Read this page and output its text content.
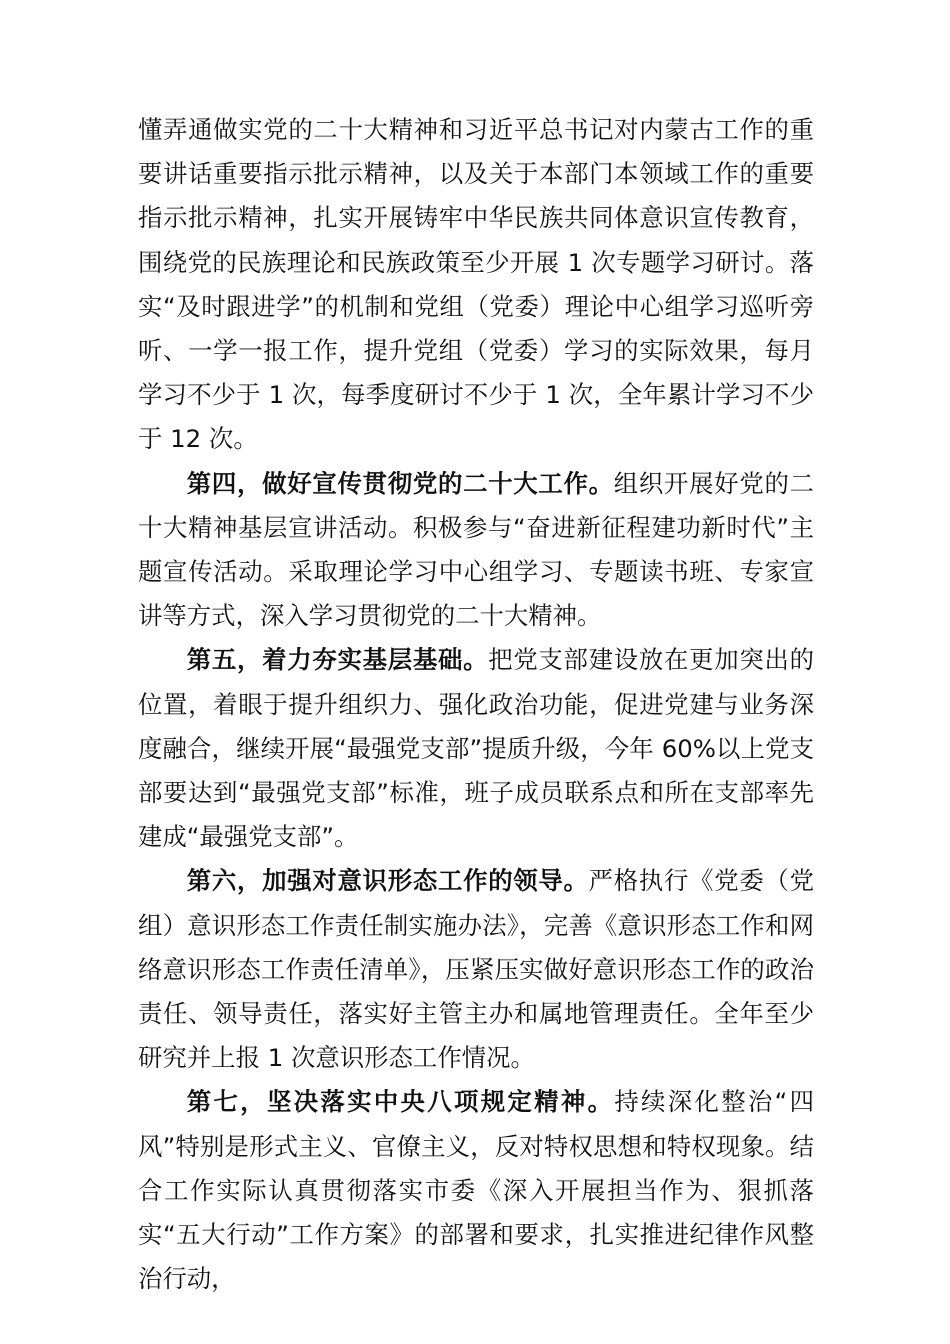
懂弄通做实党的二十大精神和习近平总书记对内蒙古工作的重要讲话重要指示批示精神，以及关于本部门本领域工作的重要指示批示精神，扎实开展铸牢中华民族共同体意识宣传教育，围绕党的民族理论和民族政策至少开展 1 次专题学习研讨。落实“及时跟进学”的机制和党组（党委）理论中心组学习巡听旁听、一学一报工作，提升党组（党委）学习的实际效果，每月学习不少于 1 次，每季度研讨不少于 1 次，全年累计学习不少于 12 次。

第四，做好宣传贯彻党的二十大工作。组织开展好党的二十大精神基层宣讲活动。积极参与“奋进新征程建功新时代”主题宣传活动。采取理论学习中心组学习、专题读书班、专家宣讲等方式，深入学习贯彻党的二十大精神。

第五，着力夯实基层基础。把党支部建设放在更加突出的位置，着眼于提升组织力、强化政治功能，促进党建与业务深度融合，继续开展“最强党支部”提质升级，今年 60%以上党支部要达到“最强党支部”标准，班子成员联系点和所在支部率先建成“最强党支部”。

第六，加强对意识形态工作的领导。严格执行《党委（党组）意识形态工作责任制实施办法》，完善《意识形态工作和网络意识形态工作责任清单》，压紧压实做好意识形态工作的政治责任、领导责任，落实好主管主办和属地管理责任。全年至少研究并上报 1 次意识形态工作情况。

第七，坚决落实中央八项规定精神。持续深化整治“四风”特别是形式主义、官僚主义，反对特权思想和特权现象。结合工作实际认真贯彻落实市委《深入开展担当作为、狠抓落实“五大行动”工作方案》的部署和要求，扎实推进纪律作风整治行动，
